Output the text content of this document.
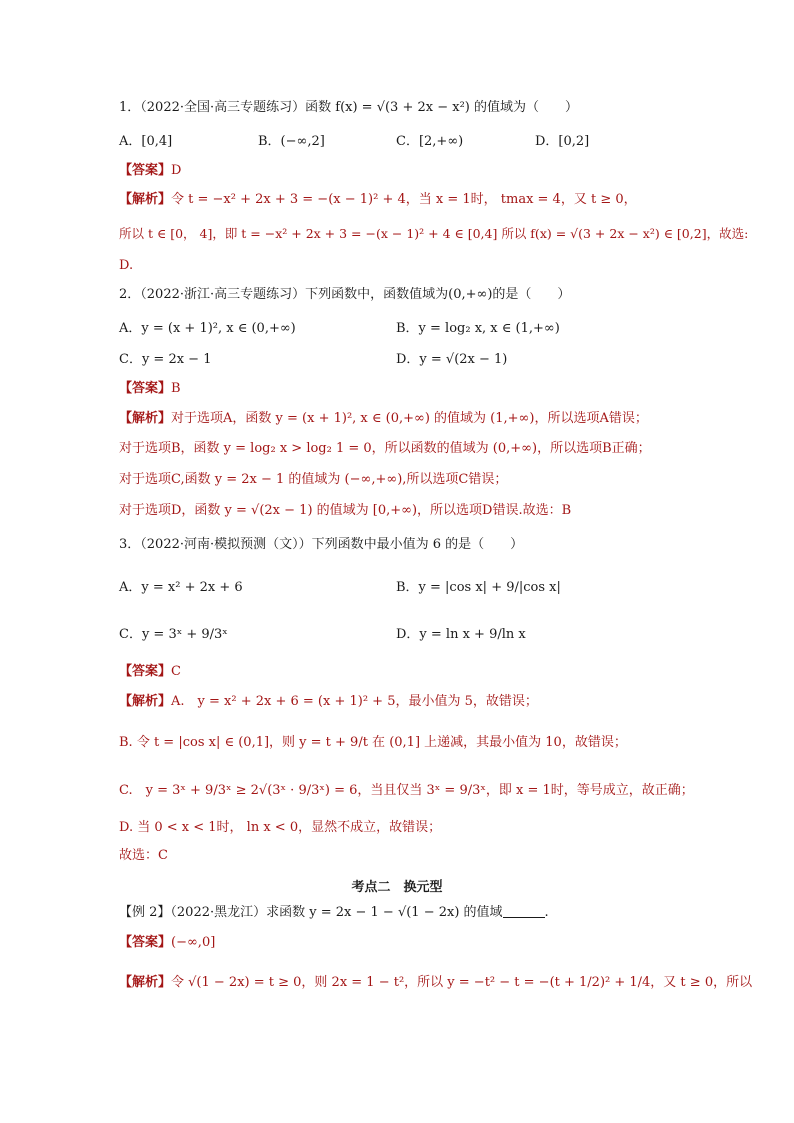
1．（2022·全国·高三专题练习）函数 f(x) = √(3 + 2x − x²) 的值域为（　　）
A．[0,4]	B．(−∞,2]	C．[2,+∞)	D．[0,2]
【答案】D
【解析】令 t = −x² + 2x + 3 = −(x − 1)² + 4，当 x = 1时， tmax = 4，又 t ≥ 0，
所以 t ∈ [0， 4]，即 t = −x² + 2x + 3 = −(x − 1)² + 4 ∈ [0,4] 所以 f(x) = √(3 + 2x − x²) ∈ [0,2]，故选:
D.
2．（2022·浙江·高三专题练习）下列函数中，函数值域为(0,+∞)的是（　　）
A．y = (x + 1)², x ∈ (0,+∞)	B．y = log₂ x, x ∈ (1,+∞)
C．y = 2x − 1	D．y = √(2x − 1)
【答案】B
【解析】对于选项A，函数 y = (x + 1)², x ∈ (0,+∞) 的值域为 (1,+∞)，所以选项A错误；
对于选项B，函数 y = log₂ x > log₂ 1 = 0，所以函数的值域为 (0,+∞)，所以选项B正确；
对于选项C,函数 y = 2x − 1 的值域为 (−∞,+∞),所以选项C错误；
对于选项D，函数 y = √(2x − 1) 的值域为 [0,+∞)，所以选项D错误.故选：B
3．（2022·河南·模拟预测（文））下列函数中最小值为 6 的是（　　）
A．y = x² + 2x + 6	B．y = |cos x| + 9/|cos x|
C．y = 3ˣ + 9/3ˣ	D．y = ln x + 9/ln x
【答案】C
【解析】A.　y = x² + 2x + 6 = (x + 1)² + 5，最小值为 5，故错误；
B. 令 t = |cos x| ∈ (0,1]，则 y = t + 9/t 在 (0,1] 上递减，其最小值为 10，故错误；
C.　y = 3ˣ + 9/3ˣ ≥ 2√(3ˣ · 9/3ˣ) = 6，当且仅当 3ˣ = 9/3ˣ，即 x = 1时，等号成立，故正确；
D. 当 0 < x < 1时， ln x < 0，显然不成立，故错误；
故选：C
考点二　换元型
【例 2】（2022·黑龙江）求函数 y = 2x − 1 − √(1 − 2x) 的值域	.
【答案】(−∞,0]
【解析】令 √(1 − 2x) = t ≥ 0，则 2x = 1 − t²，所以 y = −t² − t = −(t + 1/2)² + 1/4，又 t ≥ 0，所以
